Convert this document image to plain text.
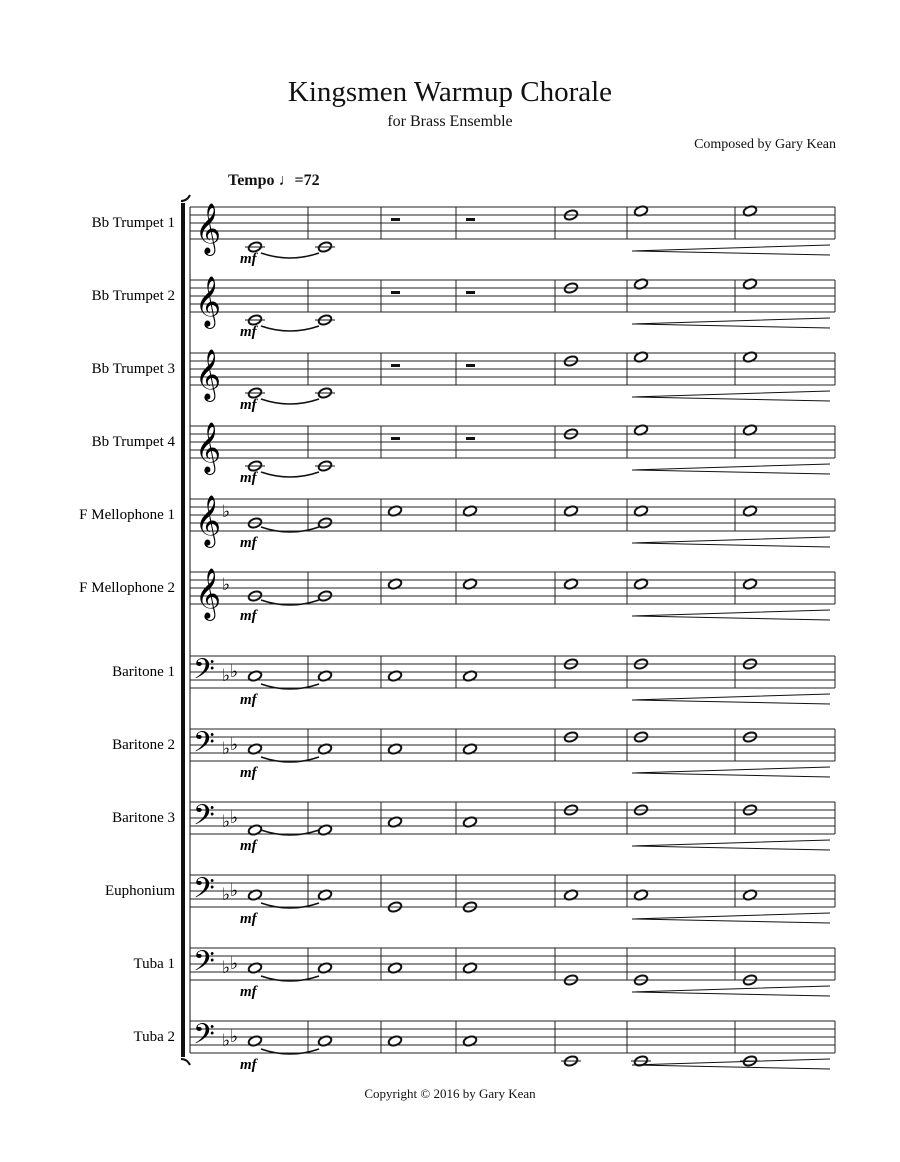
Kingsmen Warmup Chorale
for Brass Ensemble
Composed by Gary Kean
Tempo ♩=72
Bb Trumpet 1 𝄞
mf
Bb Trumpet 2 𝄞
mf
Bb Trumpet 3 𝄞
mf
Bb Trumpet 4 𝄞
mf
F Mellophone 1 𝄞 ♭
mf
F Mellophone 2 𝄞 ♭
mf
Baritone 1 𝄢 ♭ ♭
mf
Baritone 2 𝄢 ♭ ♭
mf
Baritone 3 𝄢 ♭ ♭
mf
Euphonium 𝄢 ♭ ♭
mf
Tuba 1 𝄢 ♭ ♭
mf
Tuba 2 𝄢 ♭ ♭
mf
Copyright © 2016 by Gary Kean
